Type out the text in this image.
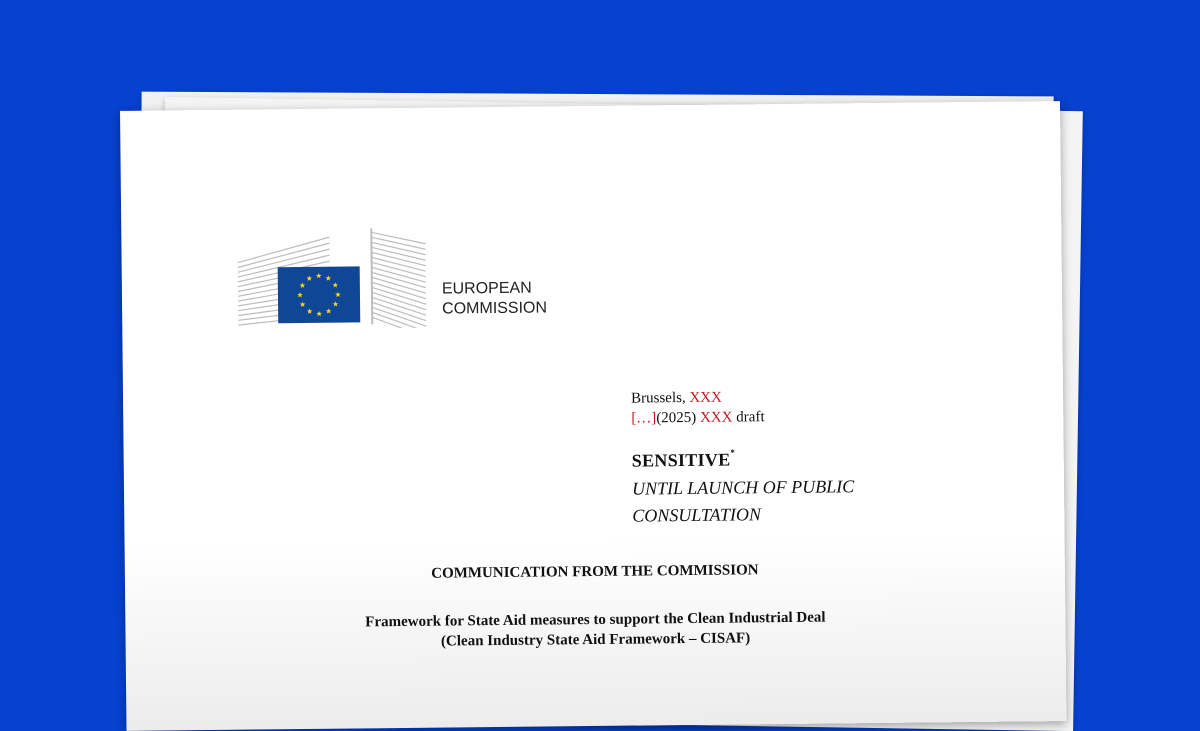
EUROPEAN
COMMISSION
Brussels, XXX
[…](2025) XXX draft
SENSITIVE*
UNTIL LAUNCH OF PUBLIC
CONSULTATION
COMMUNICATION FROM THE COMMISSION
Framework for State Aid measures to support the Clean Industrial Deal
(Clean Industry State Aid Framework – CISAF)
